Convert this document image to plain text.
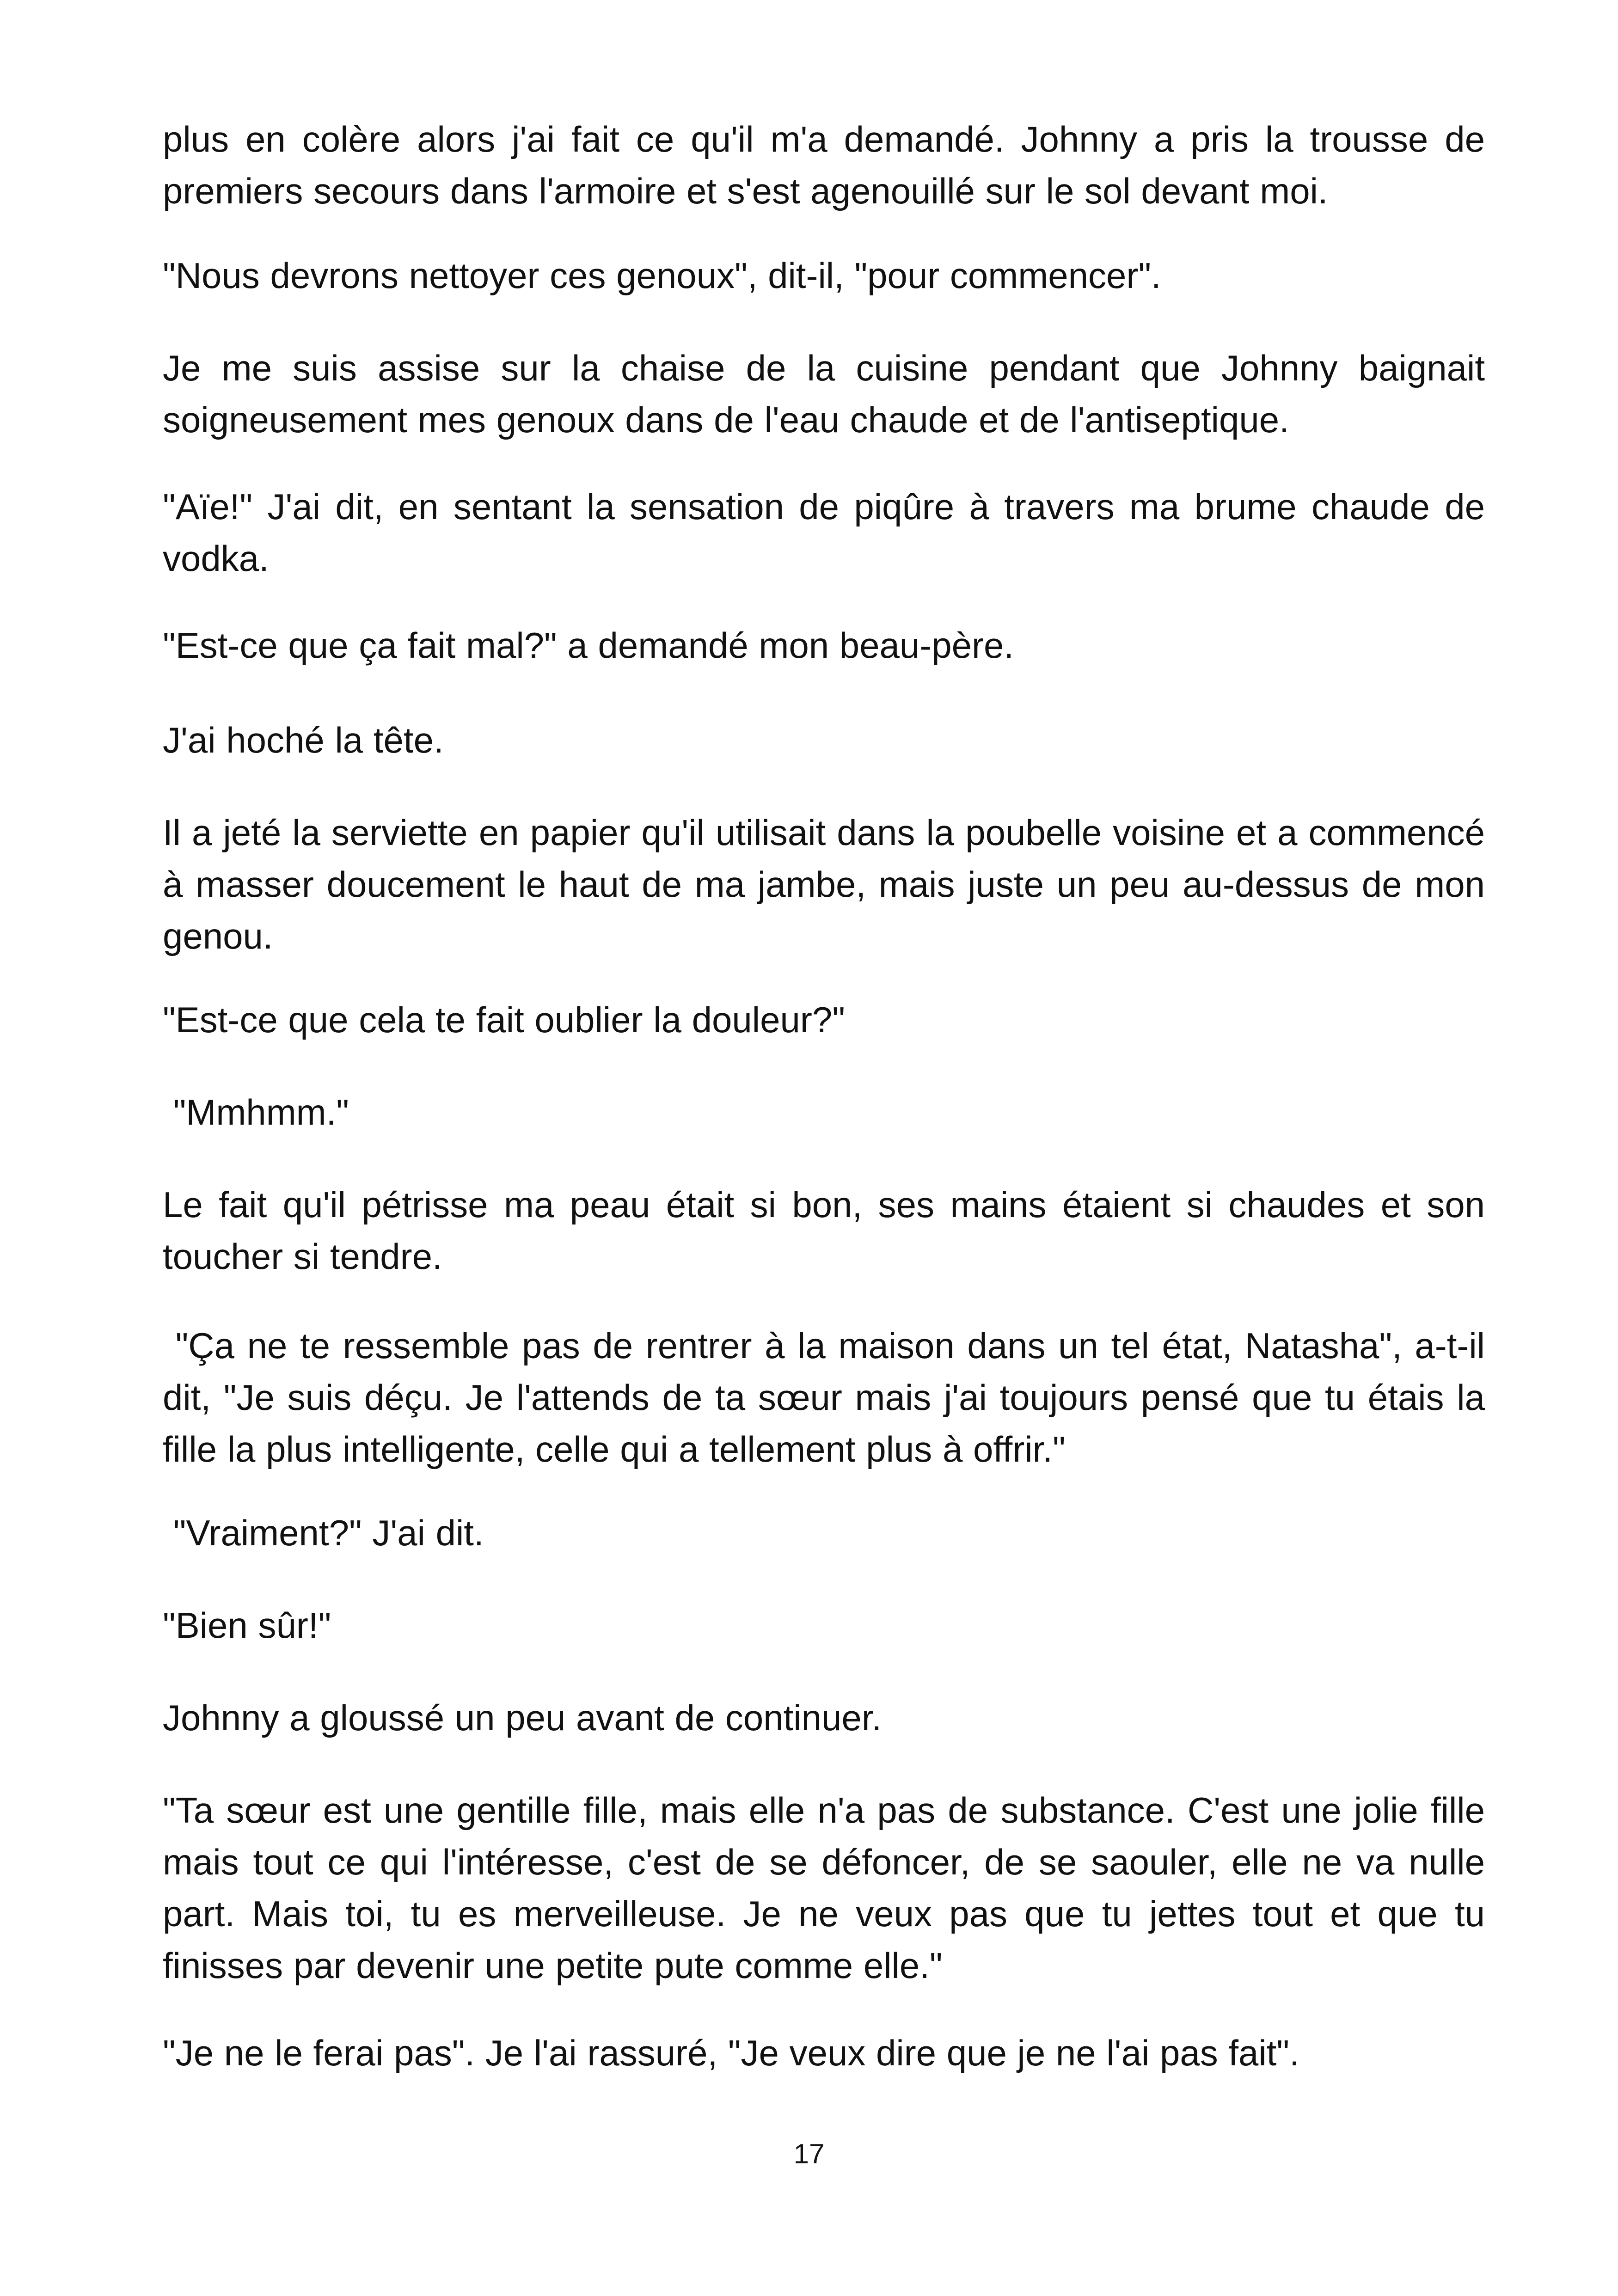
plus en colère alors j'ai fait ce qu'il m'a demandé. Johnny a pris la trousse de premiers secours dans l'armoire et s'est agenouillé sur le sol devant moi.

"Nous devrons nettoyer ces genoux", dit-il, "pour commencer".

Je me suis assise sur la chaise de la cuisine pendant que Johnny baignait soigneusement mes genoux dans de l'eau chaude et de l'antiseptique.

"Aïe!" J'ai dit, en sentant la sensation de piqûre à travers ma brume chaude de vodka.

"Est-ce que ça fait mal?" a demandé mon beau-père.

J'ai hoché la tête.

Il a jeté la serviette en papier qu'il utilisait dans la poubelle voisine et a commencé à masser doucement le haut de ma jambe, mais juste un peu au-dessus de mon genou.

"Est-ce que cela te fait oublier la douleur?"

"Mmhmm."

Le fait qu'il pétrisse ma peau était si bon, ses mains étaient si chaudes et son toucher si tendre.

"Ça ne te ressemble pas de rentrer à la maison dans un tel état, Natasha", a-t-il dit, "Je suis déçu. Je l'attends de ta sœur mais j'ai toujours pensé que tu étais la fille la plus intelligente, celle qui a tellement plus à offrir."

"Vraiment?" J'ai dit.

"Bien sûr!"

Johnny a gloussé un peu avant de continuer.

"Ta sœur est une gentille fille, mais elle n'a pas de substance. C'est une jolie fille mais tout ce qui l'intéresse, c'est de se défoncer, de se saouler, elle ne va nulle part. Mais toi, tu es merveilleuse. Je ne veux pas que tu jettes tout et que tu finisses par devenir une petite pute comme elle."

"Je ne le ferai pas". Je l'ai rassuré, "Je veux dire que je ne l'ai pas fait".

17
